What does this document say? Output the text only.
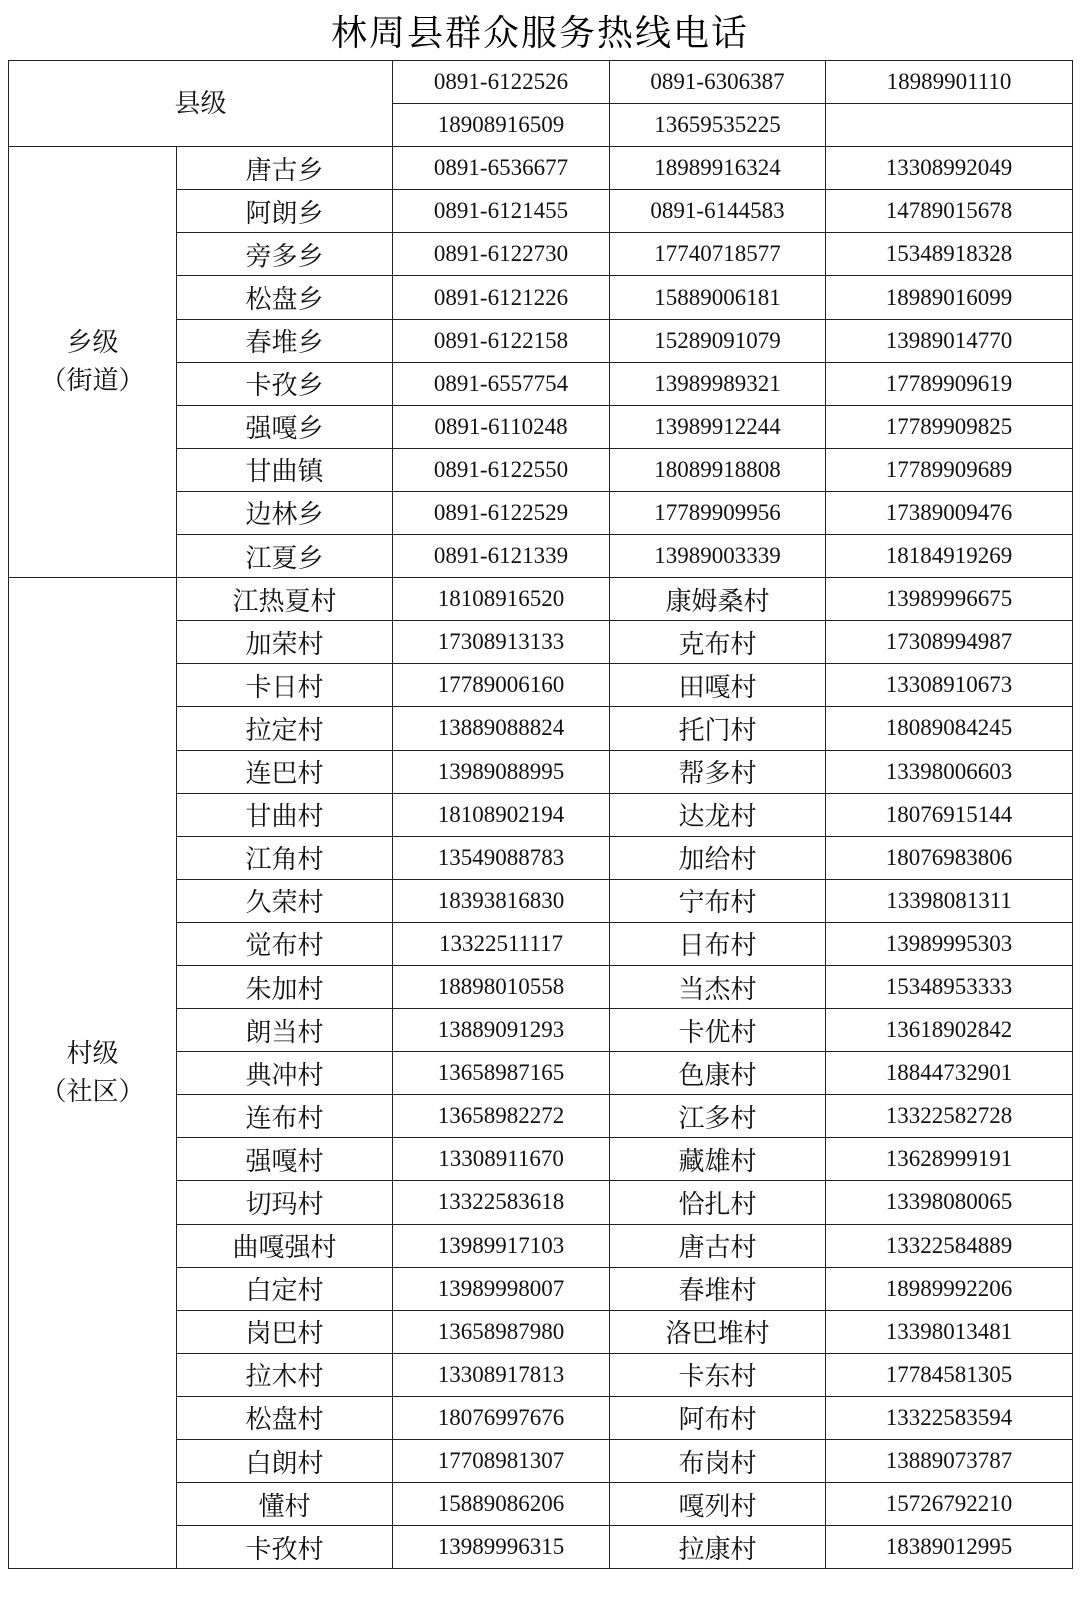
林周县群众服务热线电话
县级		0891-6122526	0891-6306387	18989901110
		18908916509	13659535225	

乡级
（街道）	唐古乡	0891-6536677	18989916324	13308992049
	阿朗乡	0891-6121455	0891-6144583	14789015678
	旁多乡	0891-6122730	17740718577	15348918328
	松盘乡	0891-6121226	15889006181	18989016099
	春堆乡	0891-6122158	15289091079	13989014770
	卡孜乡	0891-6557754	13989989321	17789909619
	强嘎乡	0891-6110248	13989912244	17789909825
	甘曲镇	0891-6122550	18089918808	17789909689
	边林乡	0891-6122529	17789909956	17389009476
	江夏乡	0891-6121339	13989003339	18184919269

村级
（社区）	江热夏村	18108916520	康姆桑村	13989996675
	加荣村	17308913133	克布村	17308994987
	卡日村	17789006160	田嘎村	13308910673
	拉定村	13889088824	托门村	18089084245
	连巴村	13989088995	帮多村	13398006603
	甘曲村	18108902194	达龙村	18076915144
	江角村	13549088783	加给村	18076983806
	久荣村	18393816830	宁布村	13398081311
	觉布村	13322511117	日布村	13989995303
	朱加村	18898010558	当杰村	15348953333
	朗当村	13889091293	卡优村	13618902842
	典冲村	13658987165	色康村	18844732901
	连布村	13658982272	江多村	13322582728
	强嘎村	13308911670	藏雄村	13628999191
	切玛村	13322583618	恰扎村	13398080065
	曲嘎强村	13989917103	唐古村	13322584889
	白定村	13989998007	春堆村	18989992206
	岗巴村	13658987980	洛巴堆村	13398013481
	拉木村	13308917813	卡东村	17784581305
	松盘村	18076997676	阿布村	13322583594
	白朗村	17708981307	布岗村	13889073787
	懂村	15889086206	嘎列村	15726792210
	卡孜村	13989996315	拉康村	18389012995
